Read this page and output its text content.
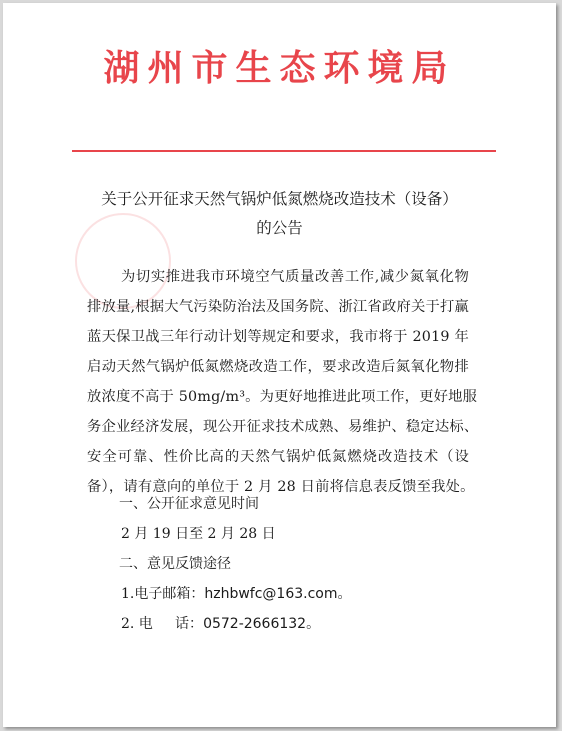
湖州市生态环境局
关于公开征求天然气锅炉低氮燃烧改造技术（设备）
的公告
为切实推进我市环境空气质量改善工作,减少氮氧化物
排放量,根据大气污染防治法及国务院、浙江省政府关于打赢
蓝天保卫战三年行动计划等规定和要求，我市将于 2019 年
启动天然气锅炉低氮燃烧改造工作，要求改造后氮氧化物排
放浓度不高于 50mg/m³。为更好地推进此项工作，更好地服
务企业经济发展，现公开征求技术成熟、易维护、稳定达标、
安全可靠、性价比高的天然气锅炉低氮燃烧改造技术（设
备），请有意向的单位于 2 月 28 日前将信息表反馈至我处。
一、公开征求意见时间
2 月 19 日至 2 月 28 日
二、意见反馈途径
1.电子邮箱：hzhbwfc@163.com。
2. 电     话：0572-2666132。
